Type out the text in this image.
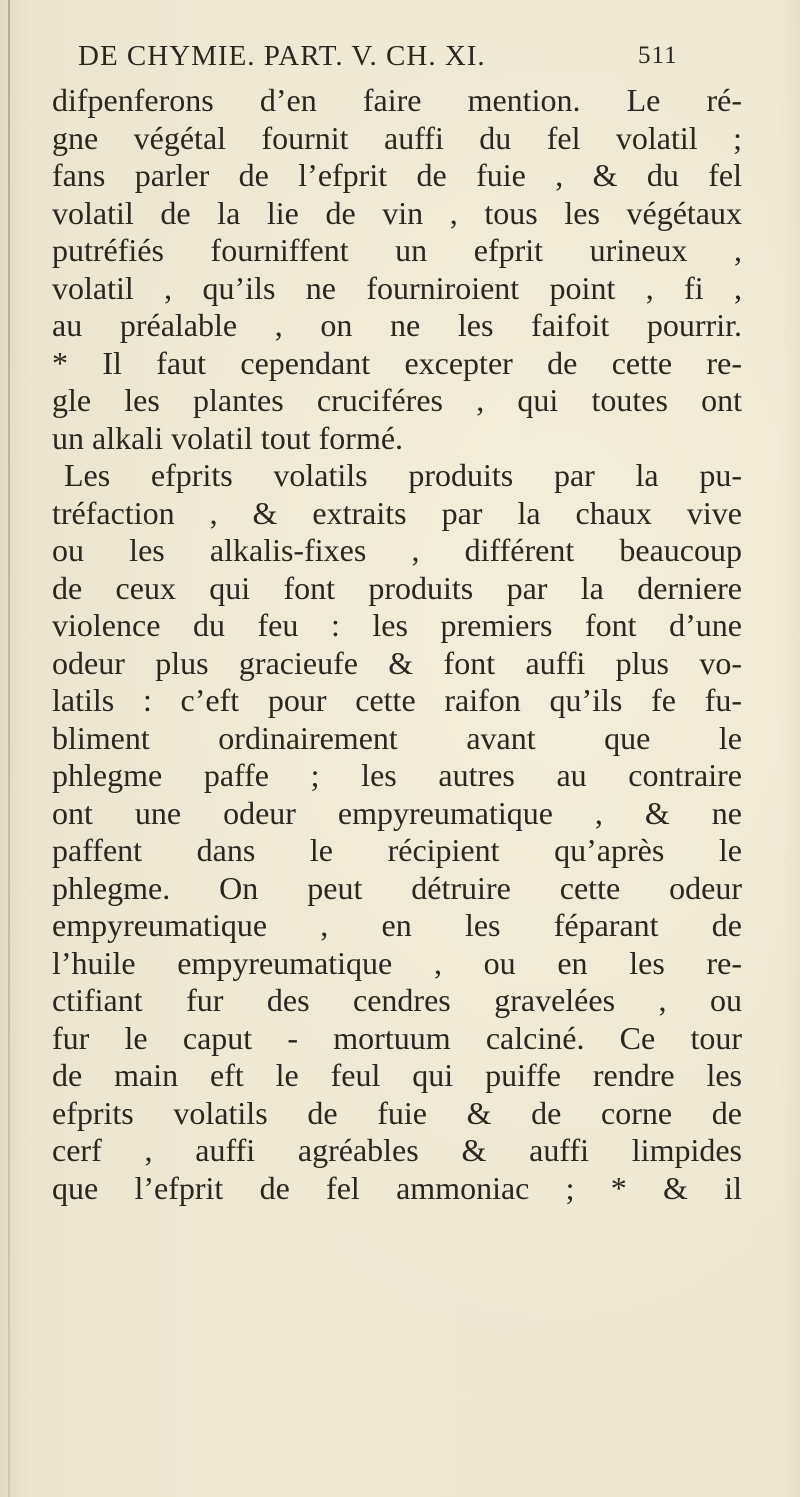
DE CHYMIE. PART. V. CH. XI.	511
difpenferons d’en faire mention. Le ré-
gne végétal fournit auffi du fel volatil ;
fans parler de l’efprit de fuie , & du fel
volatil de la lie de vin , tous les végétaux
putréfiés fourniffent un efprit urineux ,
volatil , qu’ils ne fourniroient point , fi ,
au préalable , on ne les faifoit pourrir.
* Il faut cependant excepter de cette re-
gle les plantes cruciféres , qui toutes ont
un alkali volatil tout formé.
Les efprits volatils produits par la pu-
tréfaction , & extraits par la chaux vive
ou les alkalis-fixes , différent beaucoup
de ceux qui font produits par la derniere
violence du feu : les premiers font d’une
odeur plus gracieufe & font auffi plus vo-
latils : c’eft pour cette raifon qu’ils fe fu-
bliment ordinairement avant que le
phlegme paffe ; les autres au contraire
ont une odeur empyreumatique , & ne
paffent dans le récipient qu’après le
phlegme. On peut détruire cette odeur
empyreumatique , en les féparant de
l’huile empyreumatique , ou en les re-
ctifiant fur des cendres gravelées , ou
fur le caput - mortuum calciné. Ce tour
de main eft le feul qui puiffe rendre les
efprits volatils de fuie & de corne de
cerf , auffi agréables & auffi limpides
que l’efprit de fel ammoniac ; * & il
